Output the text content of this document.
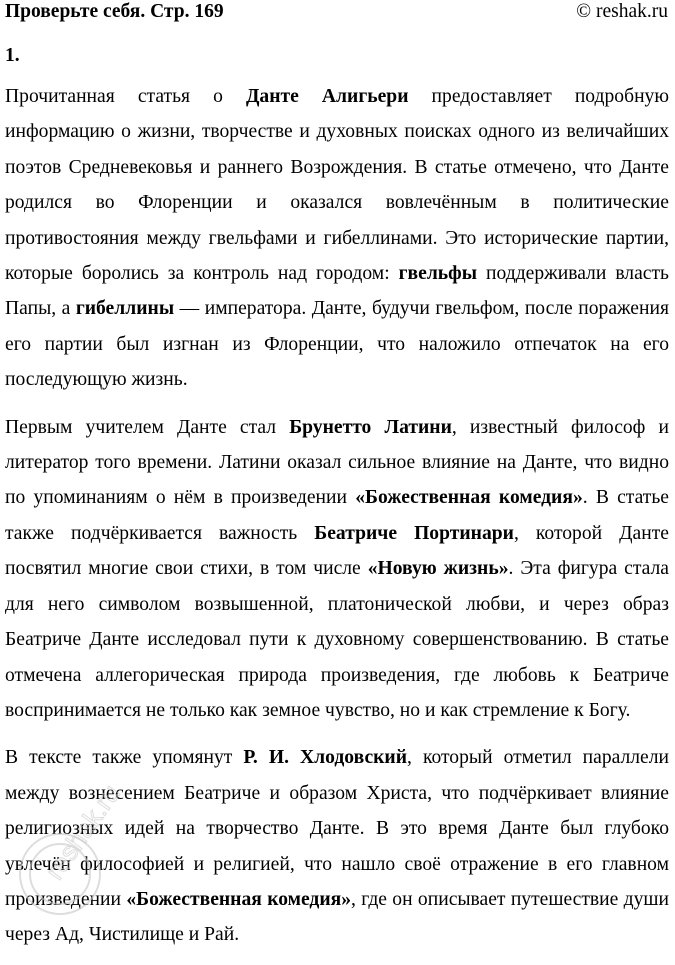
Проверьте себя. Стр. 169	© reshak.ru
1.

Прочитанная статья о Данте Алигьери предоставляет подробную информацию о жизни, творчестве и духовных поисках одного из величайших поэтов Средневековья и раннего Возрождения. В статье отмечено, что Данте родился во Флоренции и оказался вовлечённым в политические противостояния между гвельфами и гибеллинами. Это исторические партии, которые боролись за контроль над городом: гвельфы поддерживали власть Папы, а гибеллины — императора. Данте, будучи гвельфом, после поражения его партии был изгнан из Флоренции, что наложило отпечаток на его последующую жизнь.

Первым учителем Данте стал Брунетто Латини, известный философ и литератор того времени. Латини оказал сильное влияние на Данте, что видно по упоминаниям о нём в произведении «Божественная комедия». В статье также подчёркивается важность Беатриче Портинари, которой Данте посвятил многие свои стихи, в том числе «Новую жизнь». Эта фигура стала для него символом возвышенной, платонической любви, и через образ Беатриче Данте исследовал пути к духовному совершенствованию. В статье отмечена аллегорическая природа произведения, где любовь к Беатриче воспринимается не только как земное чувство, но и как стремление к Богу.

В тексте также упомянут Р. И. Хлодовский, который отметил параллели между вознесением Беатриче и образом Христа, что подчёркивает влияние религиозных идей на творчество Данте. В это время Данте был глубоко увлечён философией и религией, что нашло своё отражение в его главном произведении «Божественная комедия», где он описывает путешествие души через Ад, Чистилище и Рай.

reshak.ru
